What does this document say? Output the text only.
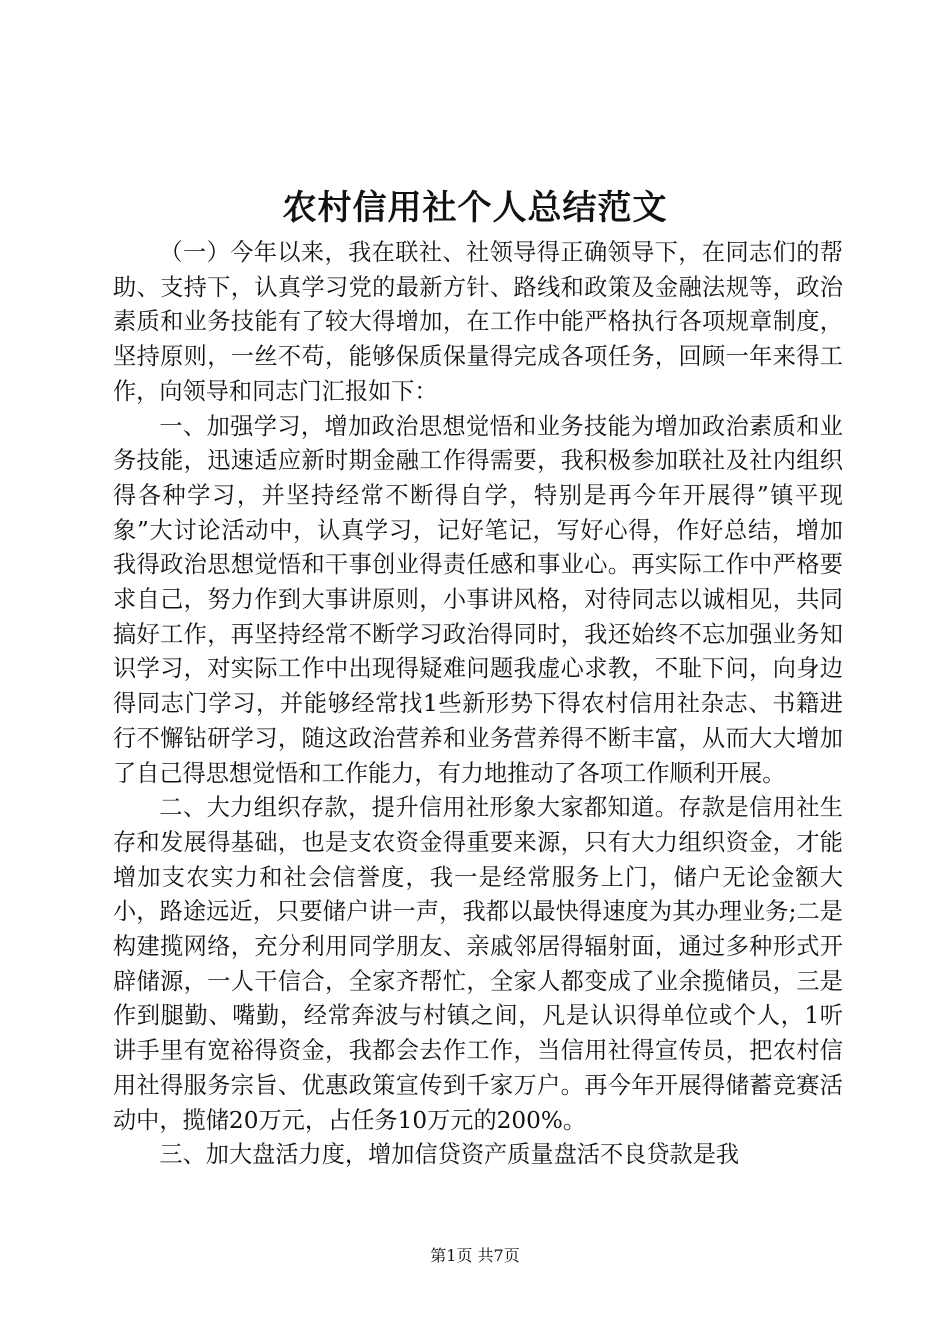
农村信用社个人总结范文

（一）今年以来，我在联社、社领导得正确领导下，在同志们的帮助、支持下，认真学习党的最新方针、路线和政策及金融法规等，政治素质和业务技能有了较大得增加，在工作中能严格执行各项规章制度，坚持原则，一丝不苟，能够保质保量得完成各项任务，回顾一年来得工作，向领导和同志门汇报如下：

一、加强学习，增加政治思想觉悟和业务技能为增加政治素质和业务技能，迅速适应新时期金融工作得需要，我积极参加联社及社内组织得各种学习，并坚持经常不断得自学，特别是再今年开展得”镇平现象”大讨论活动中，认真学习，记好笔记，写好心得，作好总结，增加我得政治思想觉悟和干事创业得责任感和事业心。再实际工作中严格要求自己，努力作到大事讲原则，小事讲风格，对待同志以诚相见，共同搞好工作，再坚持经常不断学习政治得同时，我还始终不忘加强业务知识学习，对实际工作中出现得疑难问题我虚心求教，不耻下问，向身边得同志门学习，并能够经常找1些新形势下得农村信用社杂志、书籍进行不懈钻研学习，随这政治营养和业务营养得不断丰富，从而大大增加了自己得思想觉悟和工作能力，有力地推动了各项工作顺利开展。

二、大力组织存款，提升信用社形象大家都知道。存款是信用社生存和发展得基础，也是支农资金得重要来源，只有大力组织资金，才能增加支农实力和社会信誉度，我一是经常服务上门，储户无论金额大小，路途远近，只要储户讲一声，我都以最快得速度为其办理业务;二是构建揽网络，充分利用同学朋友、亲戚邻居得辐射面，通过多种形式开辟储源，一人干信合，全家齐帮忙，全家人都变成了业余揽储员，三是作到腿勤、嘴勤，经常奔波与村镇之间，凡是认识得单位或个人，1听讲手里有宽裕得资金，我都会去作工作，当信用社得宣传员，把农村信用社得服务宗旨、优惠政策宣传到千家万户。再今年开展得储蓄竞赛活动中，揽储20万元，占任务10万元的200%。

三、加大盘活力度，增加信贷资产质量盘活不良贷款是我

第1页 共7页
